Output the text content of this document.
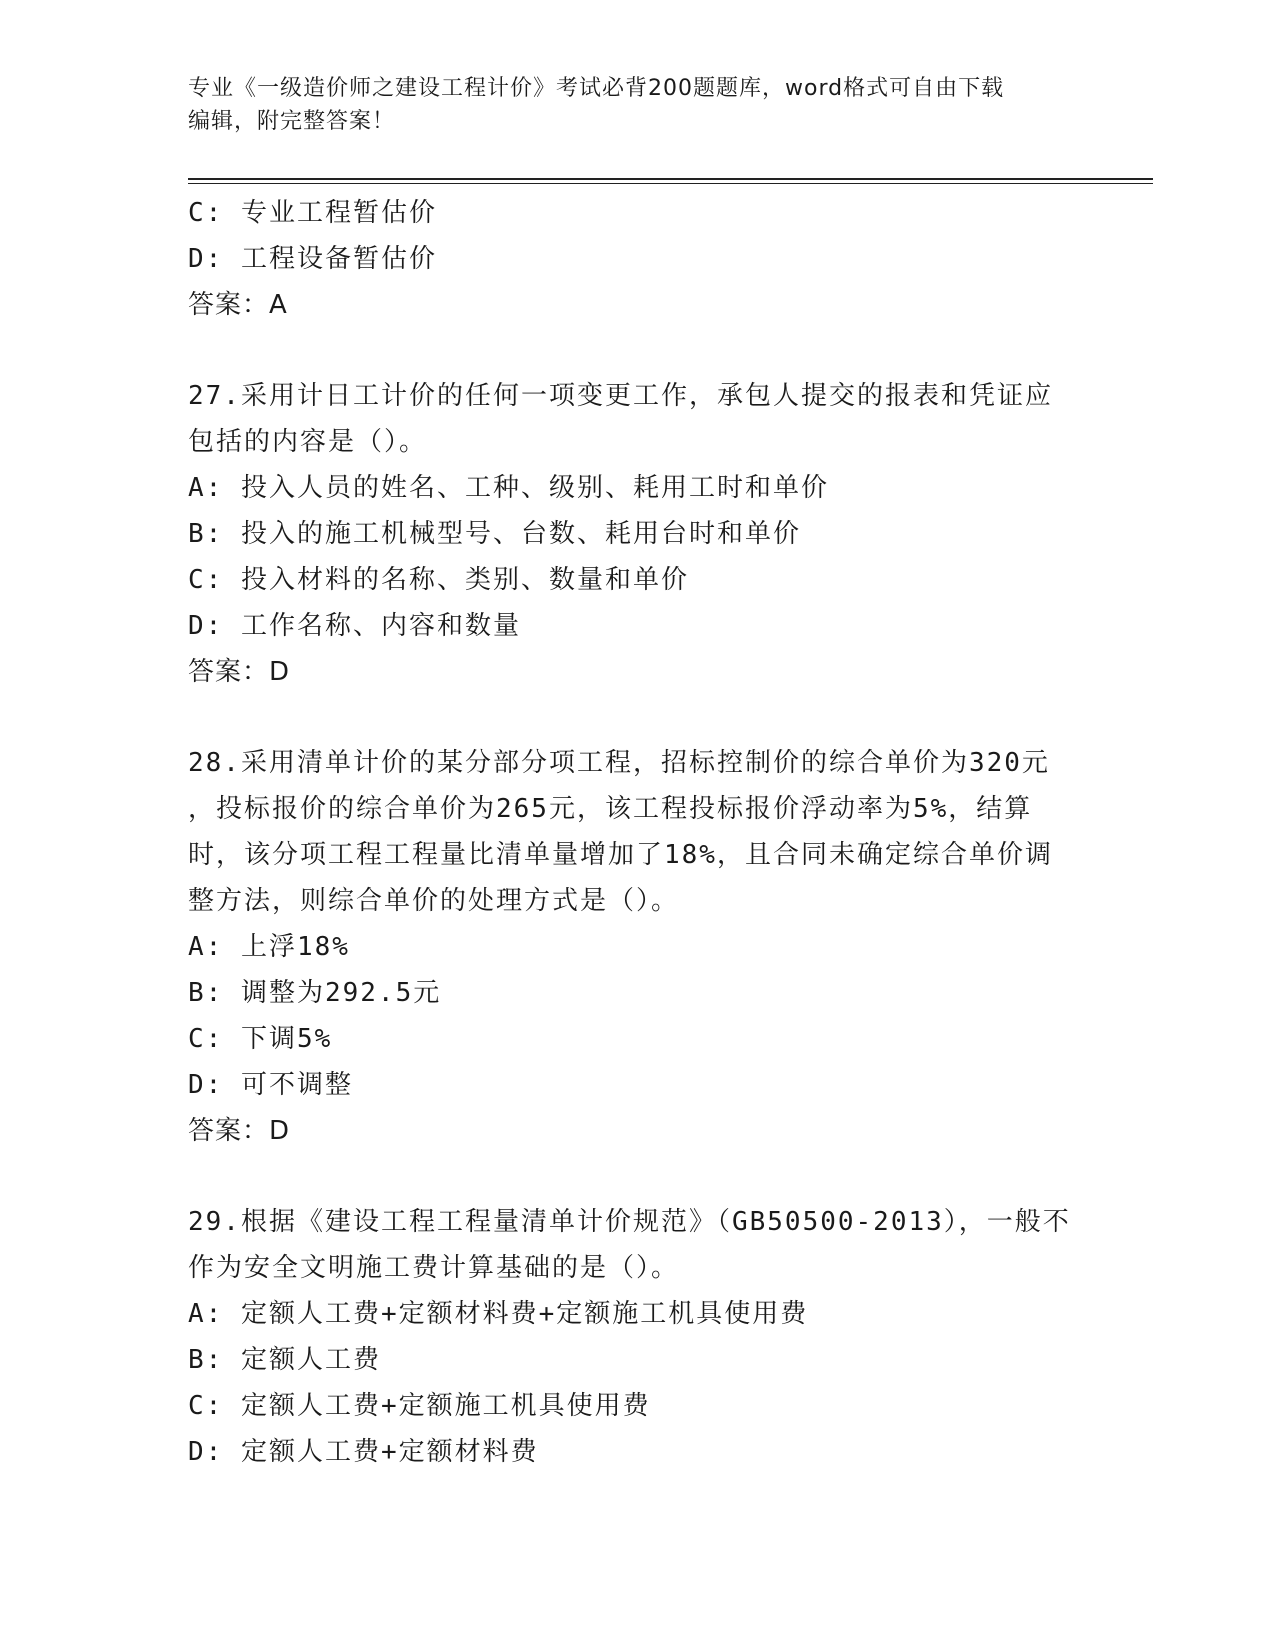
专业《一级造价师之建设工程计价》考试必背200题题库，word格式可自由下载
编辑，附完整答案！
C: 专业工程暂估价
D: 工程设备暂估价
答案：A
27.采用计日工计价的任何一项变更工作，承包人提交的报表和凭证应
包括的内容是（）。
A: 投入人员的姓名、工种、级别、耗用工时和单价
B: 投入的施工机械型号、台数、耗用台时和单价
C: 投入材料的名称、类别、数量和单价
D: 工作名称、内容和数量
答案：D
28.采用清单计价的某分部分项工程，招标控制价的综合单价为320元
，投标报价的综合单价为265元，该工程投标报价浮动率为5%，结算
时，该分项工程工程量比清单量增加了18%，且合同未确定综合单价调
整方法，则综合单价的处理方式是（）。
A: 上浮18%
B: 调整为292.5元
C: 下调5%
D: 可不调整
答案：D
29.根据《建设工程工程量清单计价规范》（GB50500-2013），一般不
作为安全文明施工费计算基础的是（）。
A: 定额人工费+定额材料费+定额施工机具使用费
B: 定额人工费
C: 定额人工费+定额施工机具使用费
D: 定额人工费+定额材料费
